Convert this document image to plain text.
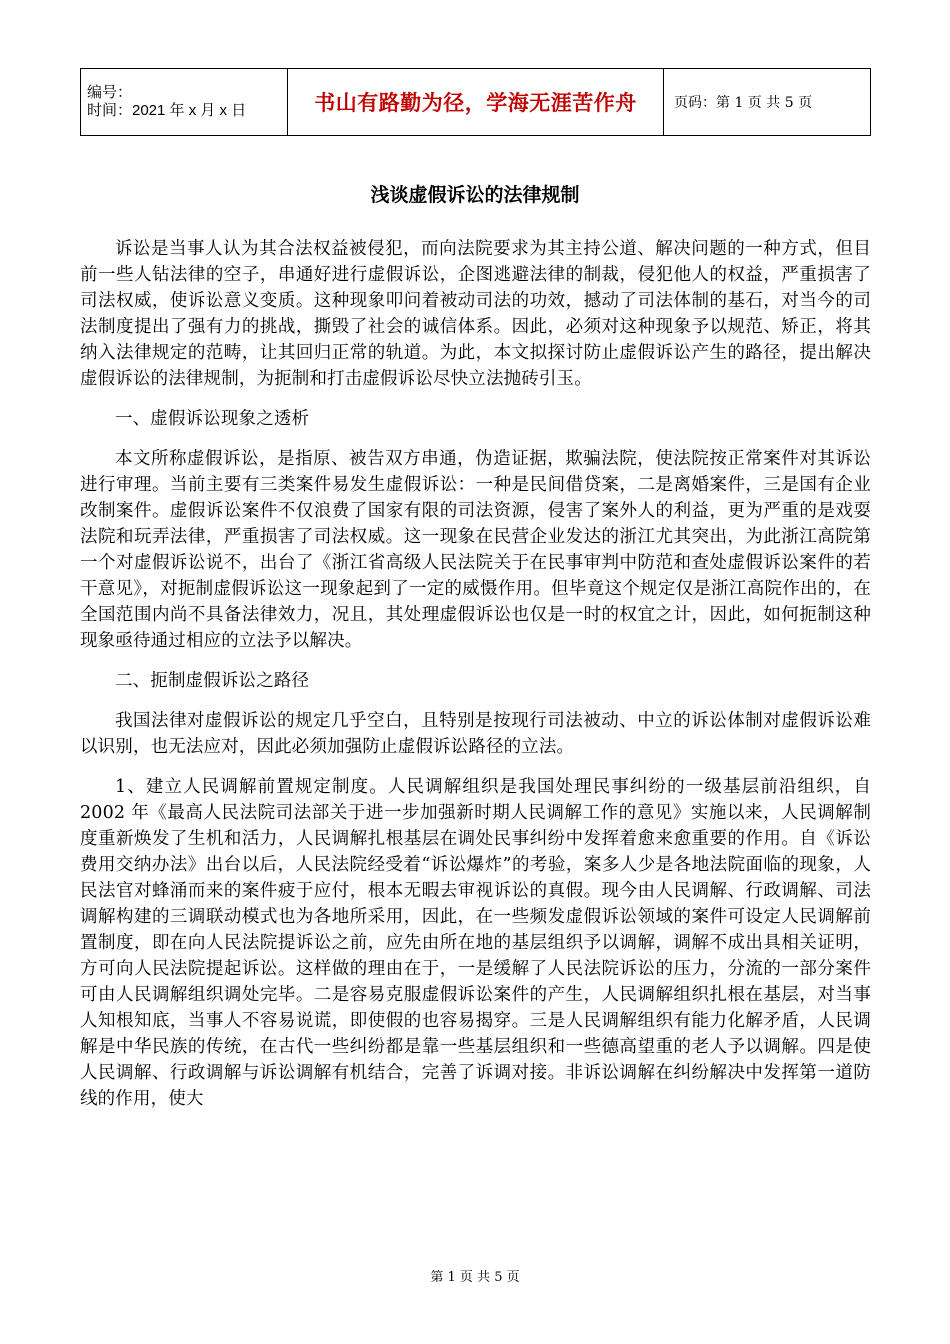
编号：
时间：2021 年 x 月 x 日	书山有路勤为径，学海无涯苦作舟	页码：第 1 页 共 5 页
浅谈虚假诉讼的法律规制

诉讼是当事人认为其合法权益被侵犯，而向法院要求为其主持公道、解决问题的一种方式，但目前一些人钻法律的空子，串通好进行虚假诉讼，企图逃避法律的制裁，侵犯他人的权益，严重损害了司法权威，使诉讼意义变质。这种现象叩问着被动司法的功效，撼动了司法体制的基石，对当今的司法制度提出了强有力的挑战，撕毁了社会的诚信体系。因此，必须对这种现象予以规范、矫正，将其纳入法律规定的范畴，让其回归正常的轨道。为此，本文拟探讨防止虚假诉讼产生的路径，提出解决虚假诉讼的法律规制，为扼制和打击虚假诉讼尽快立法抛砖引玉。

一、虚假诉讼现象之透析

本文所称虚假诉讼，是指原、被告双方串通，伪造证据，欺骗法院，使法院按正常案件对其诉讼进行审理。当前主要有三类案件易发生虚假诉讼：一种是民间借贷案，二是离婚案件，三是国有企业改制案件。虚假诉讼案件不仅浪费了国家有限的司法资源，侵害了案外人的利益，更为严重的是戏耍法院和玩弄法律，严重损害了司法权威。这一现象在民营企业发达的浙江尤其突出，为此浙江高院第一个对虚假诉讼说不，出台了《浙江省高级人民法院关于在民事审判中防范和查处虚假诉讼案件的若干意见》，对扼制虚假诉讼这一现象起到了一定的威慑作用。但毕竟这个规定仅是浙江高院作出的，在全国范围内尚不具备法律效力，况且，其处理虚假诉讼也仅是一时的权宜之计，因此，如何扼制这种现象亟待通过相应的立法予以解决。

二、扼制虚假诉讼之路径

我国法律对虚假诉讼的规定几乎空白，且特别是按现行司法被动、中立的诉讼体制对虚假诉讼难以识别，也无法应对，因此必须加强防止虚假诉讼路径的立法。

1、建立人民调解前置规定制度。人民调解组织是我国处理民事纠纷的一级基层前沿组织，自 2002 年《最高人民法院司法部关于进一步加强新时期人民调解工作的意见》实施以来，人民调解制度重新焕发了生机和活力，人民调解扎根基层在调处民事纠纷中发挥着愈来愈重要的作用。自《诉讼费用交纳办法》出台以后，人民法院经受着“诉讼爆炸”的考验，案多人少是各地法院面临的现象，人民法官对蜂涌而来的案件疲于应付，根本无暇去审视诉讼的真假。现今由人民调解、行政调解、司法调解构建的三调联动模式也为各地所采用，因此，在一些频发虚假诉讼领域的案件可设定人民调解前置制度，即在向人民法院提诉讼之前，应先由所在地的基层组织予以调解，调解不成出具相关证明，方可向人民法院提起诉讼。这样做的理由在于，一是缓解了人民法院诉讼的压力，分流的一部分案件可由人民调解组织调处完毕。二是容易克服虚假诉讼案件的产生，人民调解组织扎根在基层，对当事人知根知底，当事人不容易说谎，即使假的也容易揭穿。三是人民调解组织有能力化解矛盾，人民调解是中华民族的传统，在古代一些纠纷都是靠一些基层组织和一些德高望重的老人予以调解。四是使人民调解、行政调解与诉讼调解有机结合，完善了诉调对接。非诉讼调解在纠纷解决中发挥第一道防线的作用，使大

第 1 页 共 5 页
